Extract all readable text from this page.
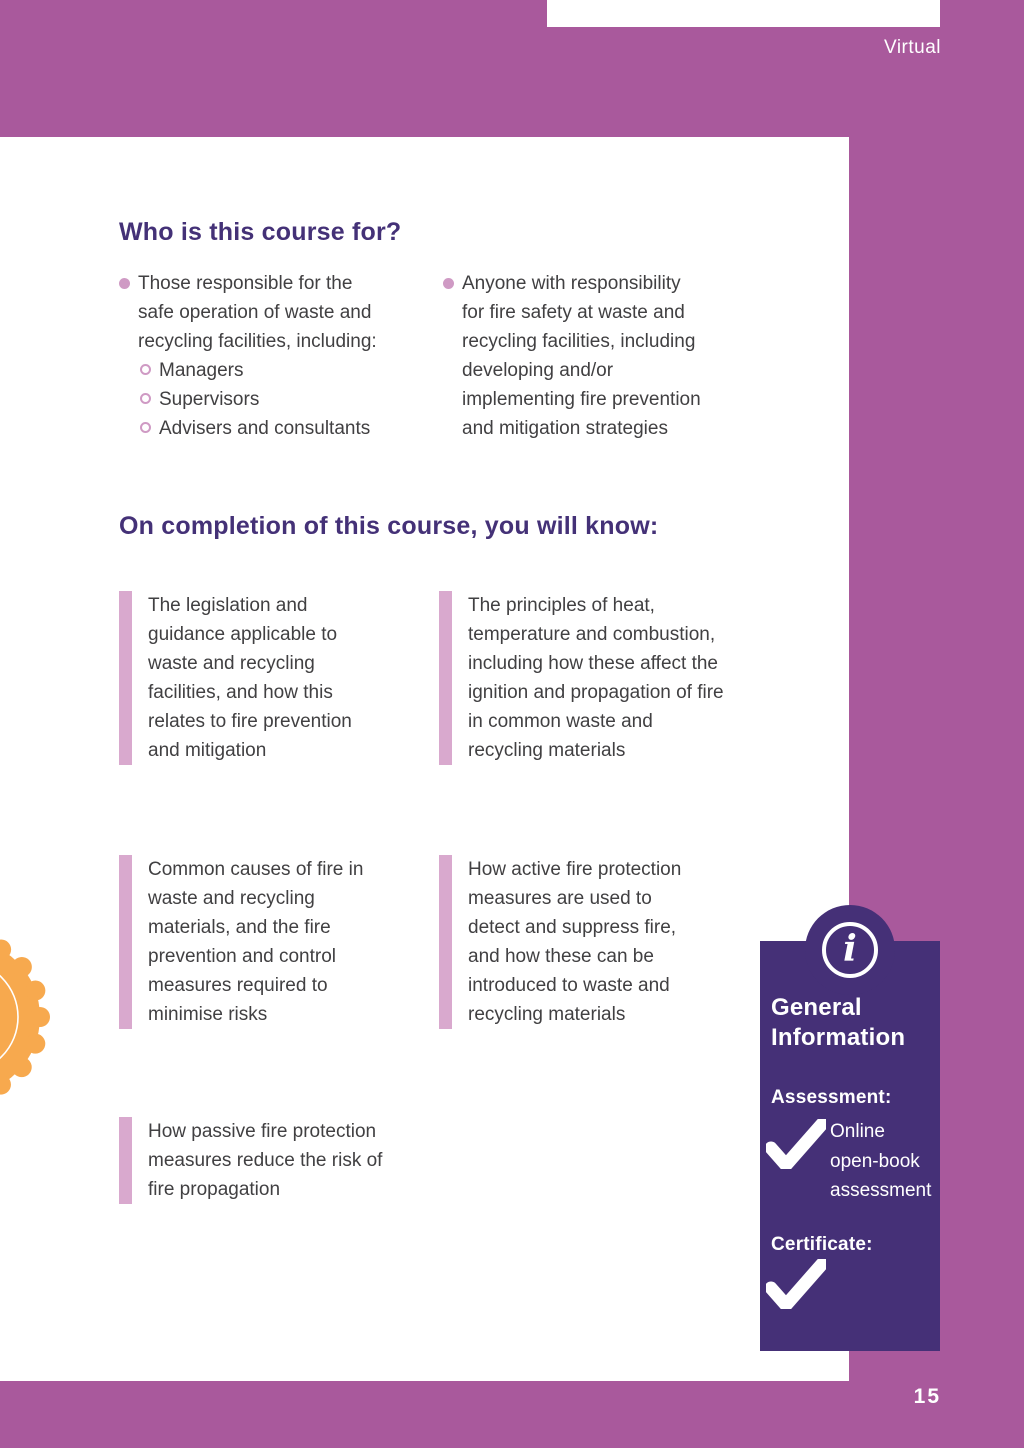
Virtual
Who is this course for?
Those responsible for the safe operation of waste and recycling facilities, including:
Managers
Supervisors
Advisers and consultants
Anyone with responsibility for fire safety at waste and recycling facilities, including developing and/or implementing fire prevention and mitigation strategies
On completion of this course, you will know:
The legislation and guidance applicable to waste and recycling facilities, and how this relates to fire prevention and mitigation
The principles of heat, temperature and combustion, including how these affect the ignition and propagation of fire in common waste and recycling materials
Common causes of fire in waste and recycling materials, and the fire prevention and control measures required to minimise risks
How active fire protection measures are used to detect and suppress fire, and how these can be introduced to waste and recycling materials
How passive fire protection measures reduce the risk of fire propagation
i
General Information
Assessment:
Online open-book assessment
Certificate:
15
